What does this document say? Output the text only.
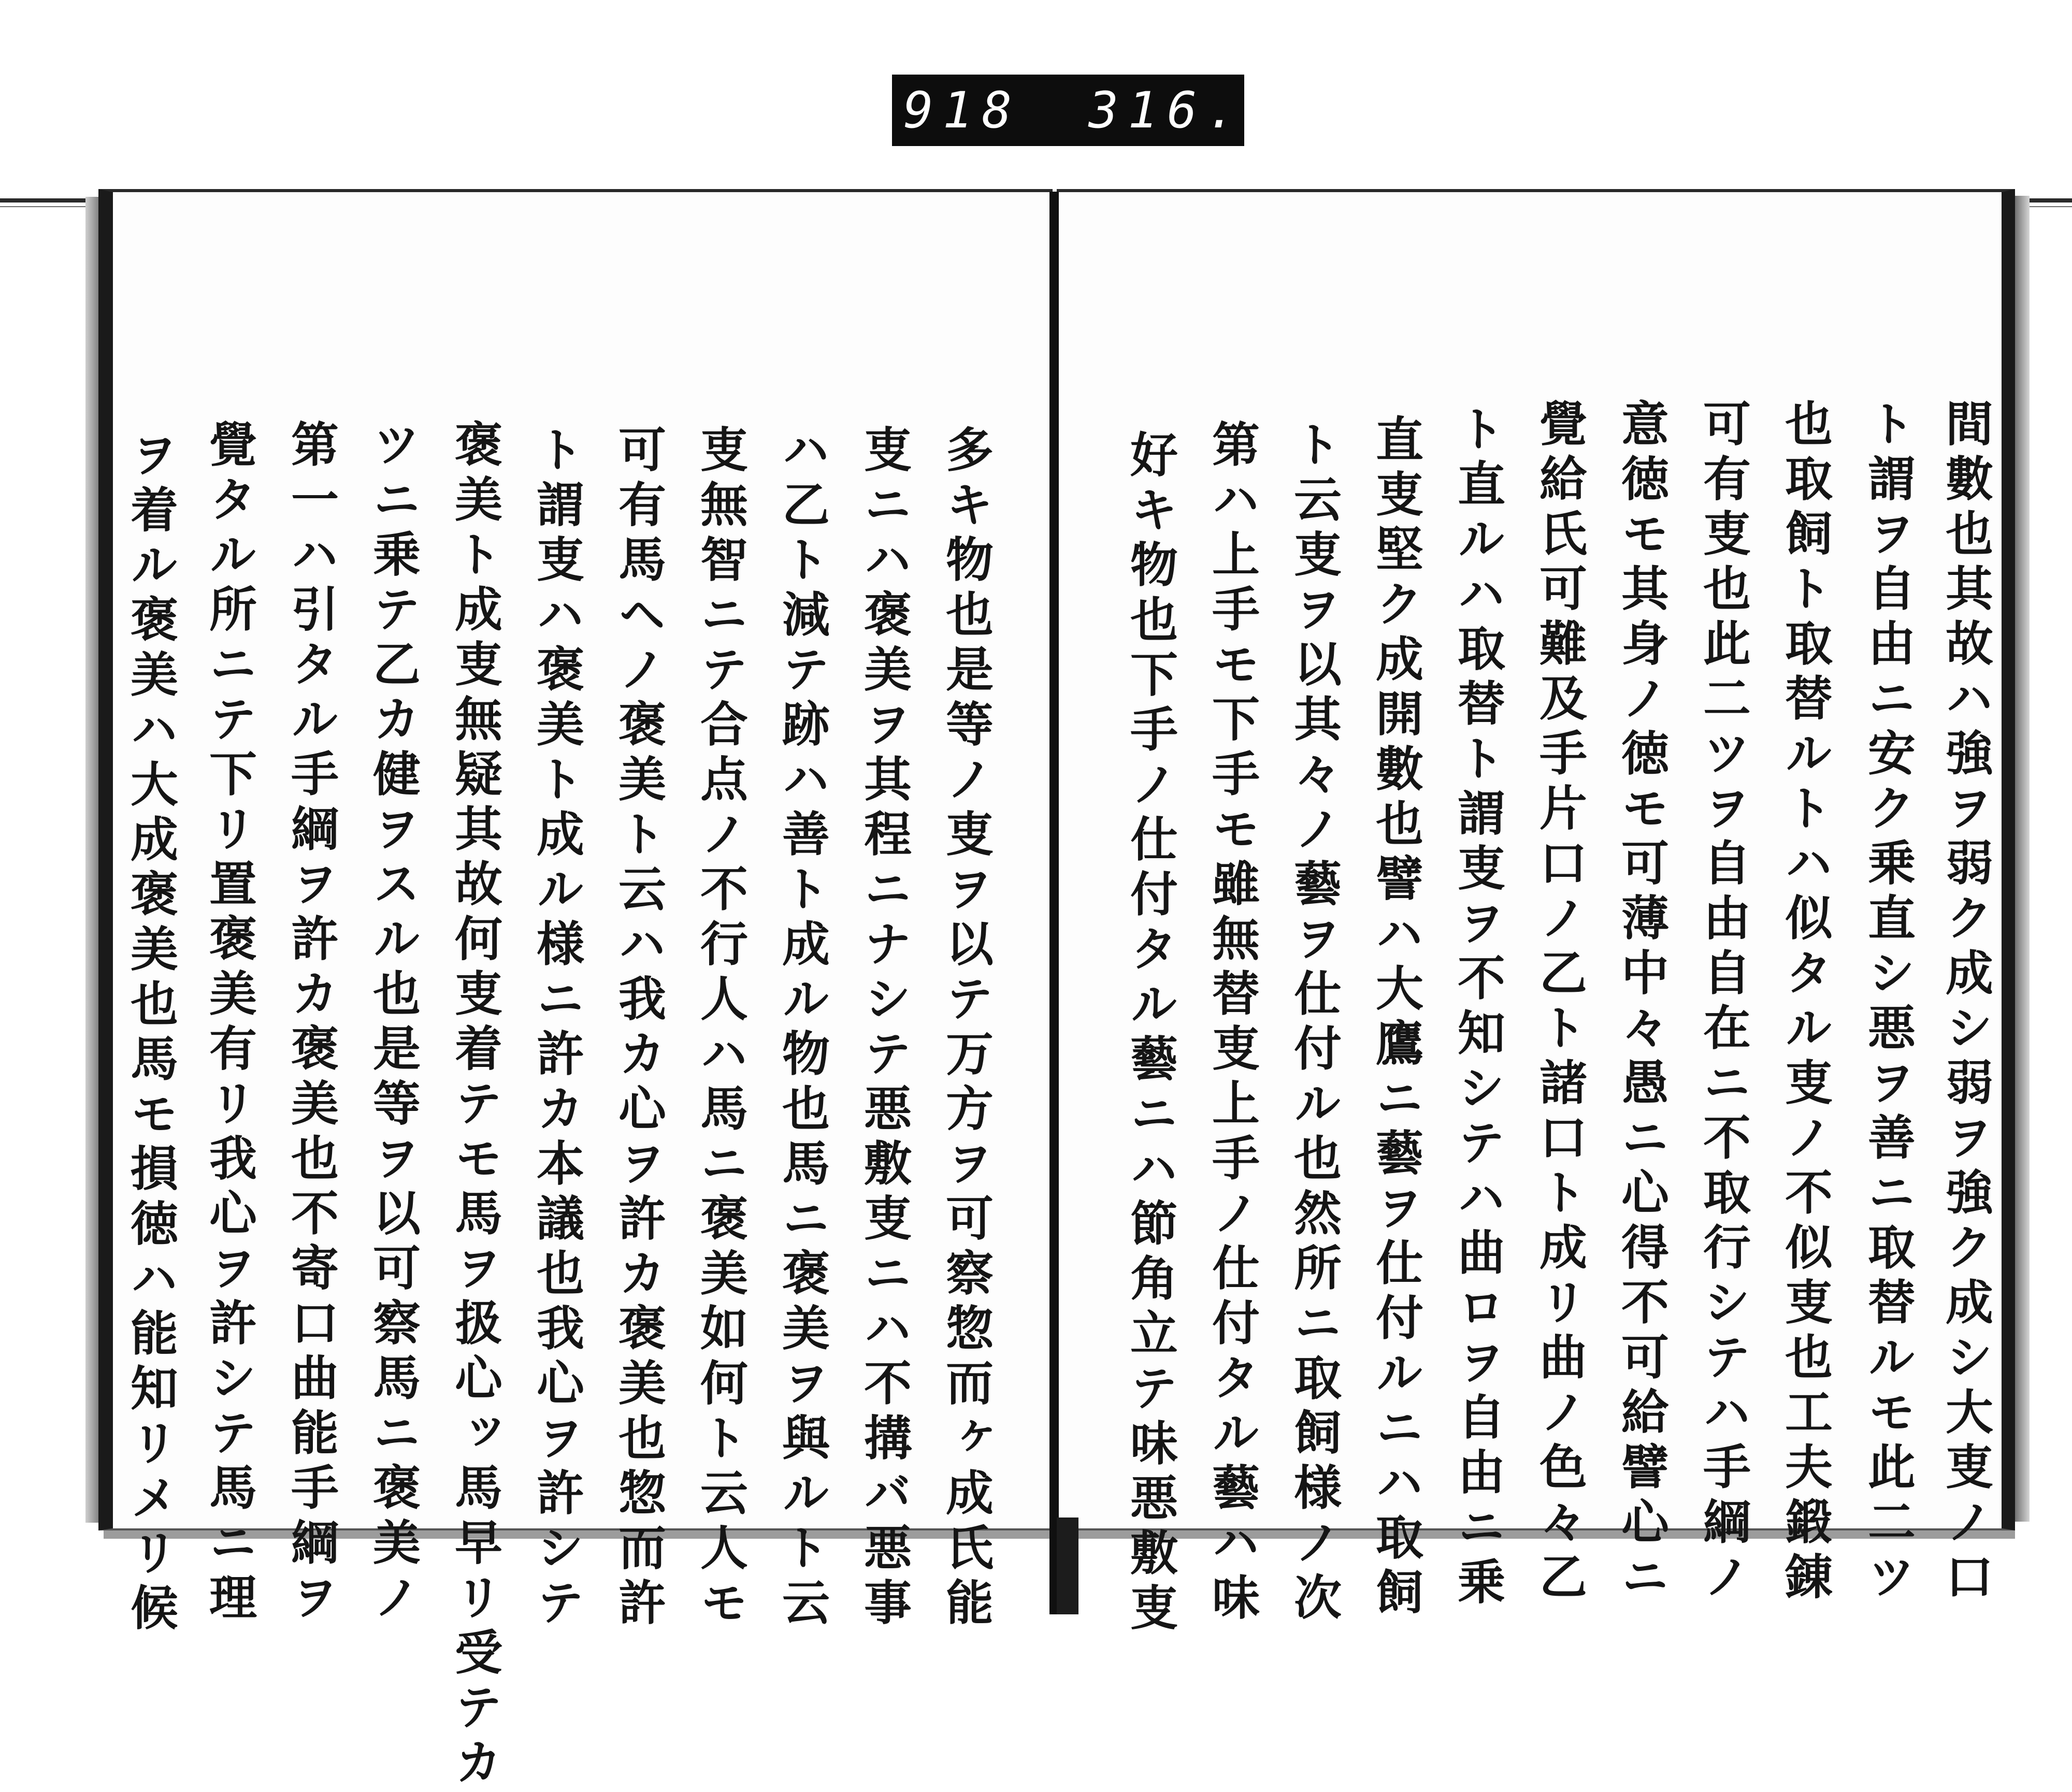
918 316.
間數也其故ハ強ヲ弱ク成シ弱ヲ強ク成シ大叓ノ口
ト謂ヲ自由ニ安ク乗直シ悪ヲ善ニ取替ルモ此二ツ
也取飼ト取替ルトハ似タル叓ノ不似叓也工夫鍛錬
可有叓也此二ツヲ自由自在ニ不取行シテハ手綱ノ
意徳モ其身ノ徳モ可薄中々愚ニ心得不可給譬心ニ
覺給氏可難及手片口ノ乙ト諸口ト成リ曲ノ色々乙
ト直ルハ取替ト謂叓ヲ不知シテハ曲ロヲ自由ニ乗
直叓堅ク成開數也譬ハ大鷹ニ藝ヲ仕付ルニハ取飼
ト云叓ヲ以其々ノ藝ヲ仕付ル也然所ニ取飼様ノ次
第ハ上手モ下手モ雖無替叓上手ノ仕付タル藝ハ味
好キ物也下手ノ仕付タル藝ニハ節角立テ味悪敷叓
多キ物也是等ノ叓ヲ以テ万方ヲ可察惣而ヶ成氏能
叓ニハ褒美ヲ其程ニナシテ悪敷叓ニハ不搆バ悪事
ハ乙ト減テ跡ハ善ト成ル物也馬ニ褒美ヲ與ルト云
叓無智ニテ合点ノ不行人ハ馬ニ褒美如何ト云人モ
可有馬ヘノ褒美ト云ハ我カ心ヲ許カ褒美也惣而許
ト謂叓ハ褒美ト成ル様ニ許カ本議也我心ヲ許シテ
褒美ト成叓無疑其故何叓着テモ馬ヲ扱心ッ馬早リ受テカ
ツニ乗テ乙カ健ヲスル也是等ヲ以可察馬ニ褒美ノ
第一ハ引タル手綱ヲ許カ褒美也不寄口曲能手綱ヲ
覺タル所ニテ下リ置褒美有リ我心ヲ許シテ馬ニ理
ヲ着ル褒美ハ大成褒美也馬モ損徳ハ能知リメリ候
